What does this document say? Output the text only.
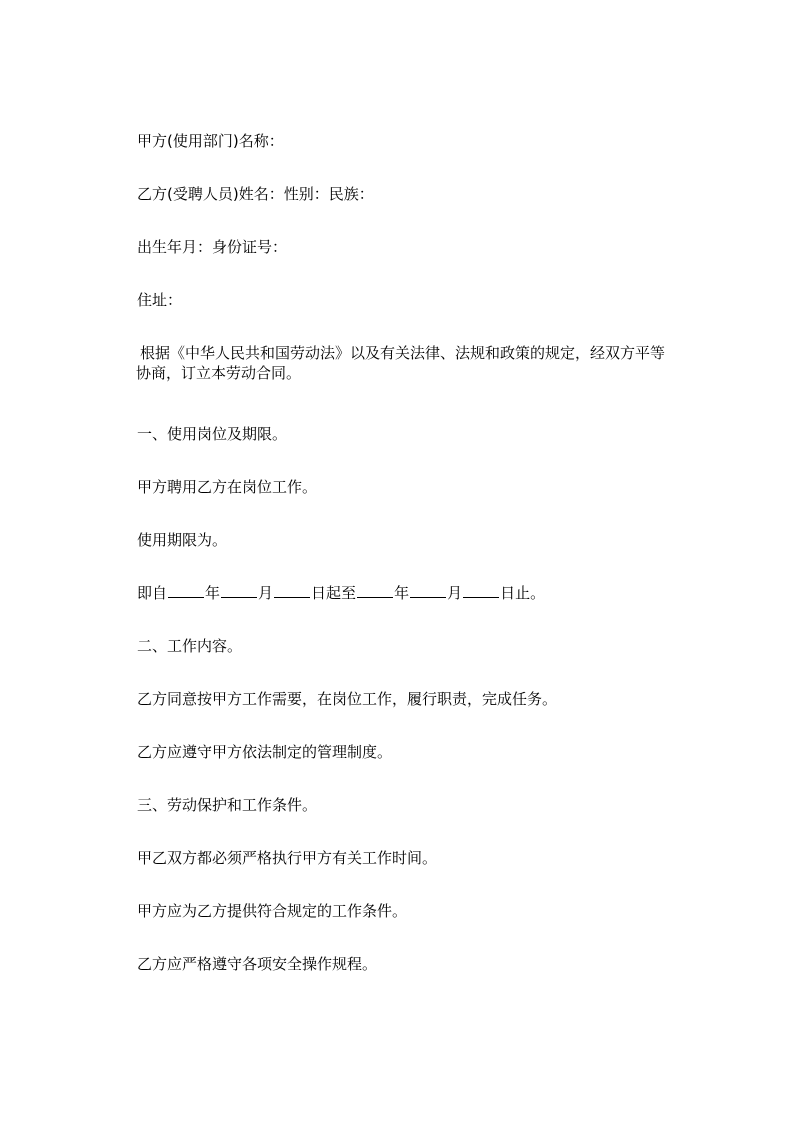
甲方(使用部门)名称：
乙方(受聘人员)姓名：性别：民族：
出生年月：身份证号：
住址：
根据《中华人民共和国劳动法》以及有关法律、法规和政策的规定，经双方平等
协商，订立本劳动合同。
一、使用岗位及期限。
甲方聘用乙方在岗位工作。
使用期限为。
即自	年	月	日起至	年	月	日止。
二、工作内容。
乙方同意按甲方工作需要，在岗位工作，履行职责，完成任务。
乙方应遵守甲方依法制定的管理制度。
三、劳动保护和工作条件。
甲乙双方都必须严格执行甲方有关工作时间。
甲方应为乙方提供符合规定的工作条件。
乙方应严格遵守各项安全操作规程。
